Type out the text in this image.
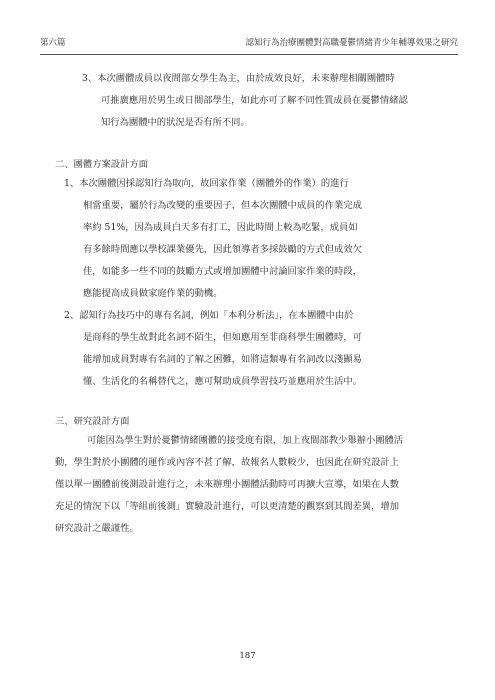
第六篇	認知行為治療團體對高職憂鬱情緒青少年輔導效果之研究

3、本次團體成員以夜間部女學生為主，由於成效良好，未來辦理相關團體時

可推廣應用於男生或日間部學生，如此亦可了解不同性質成員在憂鬱情緒認

知行為團體中的狀況是否有所不同。

二、團體方案設計方面

1、本次團體因採認知行為取向，故回家作業（團體外的作業）的進行

相當重要，屬於行為改變的重要因子，但本次團體中成員的作業完成

率約 51%，因為成員白天多有打工，因此時間上較為吃緊，成員如

有多餘時間應以學校課業優先，因此領導者多採鼓勵的方式但成效欠

佳，如能多一些不同的鼓勵方式或增加團體中討論回家作業的時段，

應能提高成員做家庭作業的動機。

2、認知行為技巧中的專有名詞，例如「本利分析法」，在本團體中由於

是商科的學生故對此名詞不陌生，但如應用至非商科學生團體時，可

能增加成員對專有名詞的了解之困難，如將這類專有名詞改以淺顯易

懂、生活化的名稱替代之，應可幫助成員學習技巧並應用於生活中。

三、研究設計方面

可能因為學生對於憂鬱情緒團體的接受度有限，加上夜間部教少舉辦小團體活

動，學生對於小團體的運作或內容不甚了解，故報名人數較少，也因此在研究設計上

僅以單一團體前後測設計進行之，未來辦理小團體活動時可再擴大宣導，如果在人數

充足的情況下以「等組前後測」實驗設計進行，可以更清楚的觀察到其間差異，增加

研究設計之嚴謹性。

187
